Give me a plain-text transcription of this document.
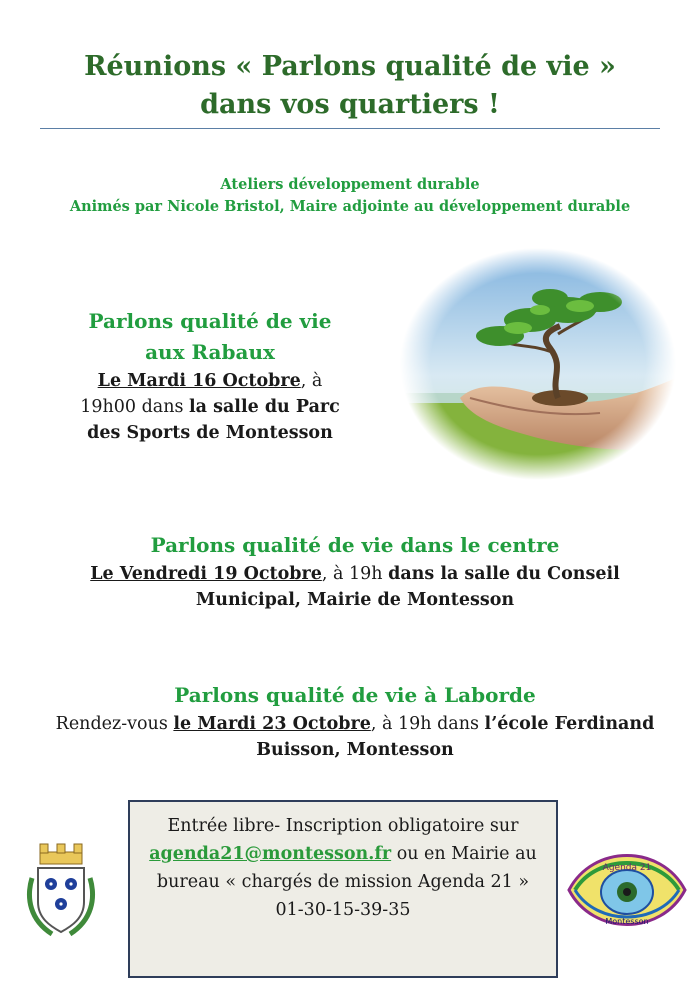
Réunions « Parlons qualité de vie »
dans vos quartiers !
Ateliers développement durable
Animés par Nicole Bristol, Maire adjointe au développement durable
Parlons qualité de vie
aux Rabaux
Le Mardi 16 Octobre, à
19h00 dans la salle du Parc
des Sports de Montesson
Parlons qualité de vie dans le centre
Le Vendredi 19 Octobre, à 19h dans la salle du Conseil
Municipal, Mairie de Montesson
Parlons qualité de vie à Laborde
Rendez-vous le Mardi 23 Octobre, à 19h dans l’école Ferdinand
Buisson, Montesson
Entrée libre- Inscription obligatoire sur
agenda21@montesson.fr ou en Mairie au
bureau « chargés de mission Agenda 21 »
01-30-15-39-35
Agenda 21
Montesson
